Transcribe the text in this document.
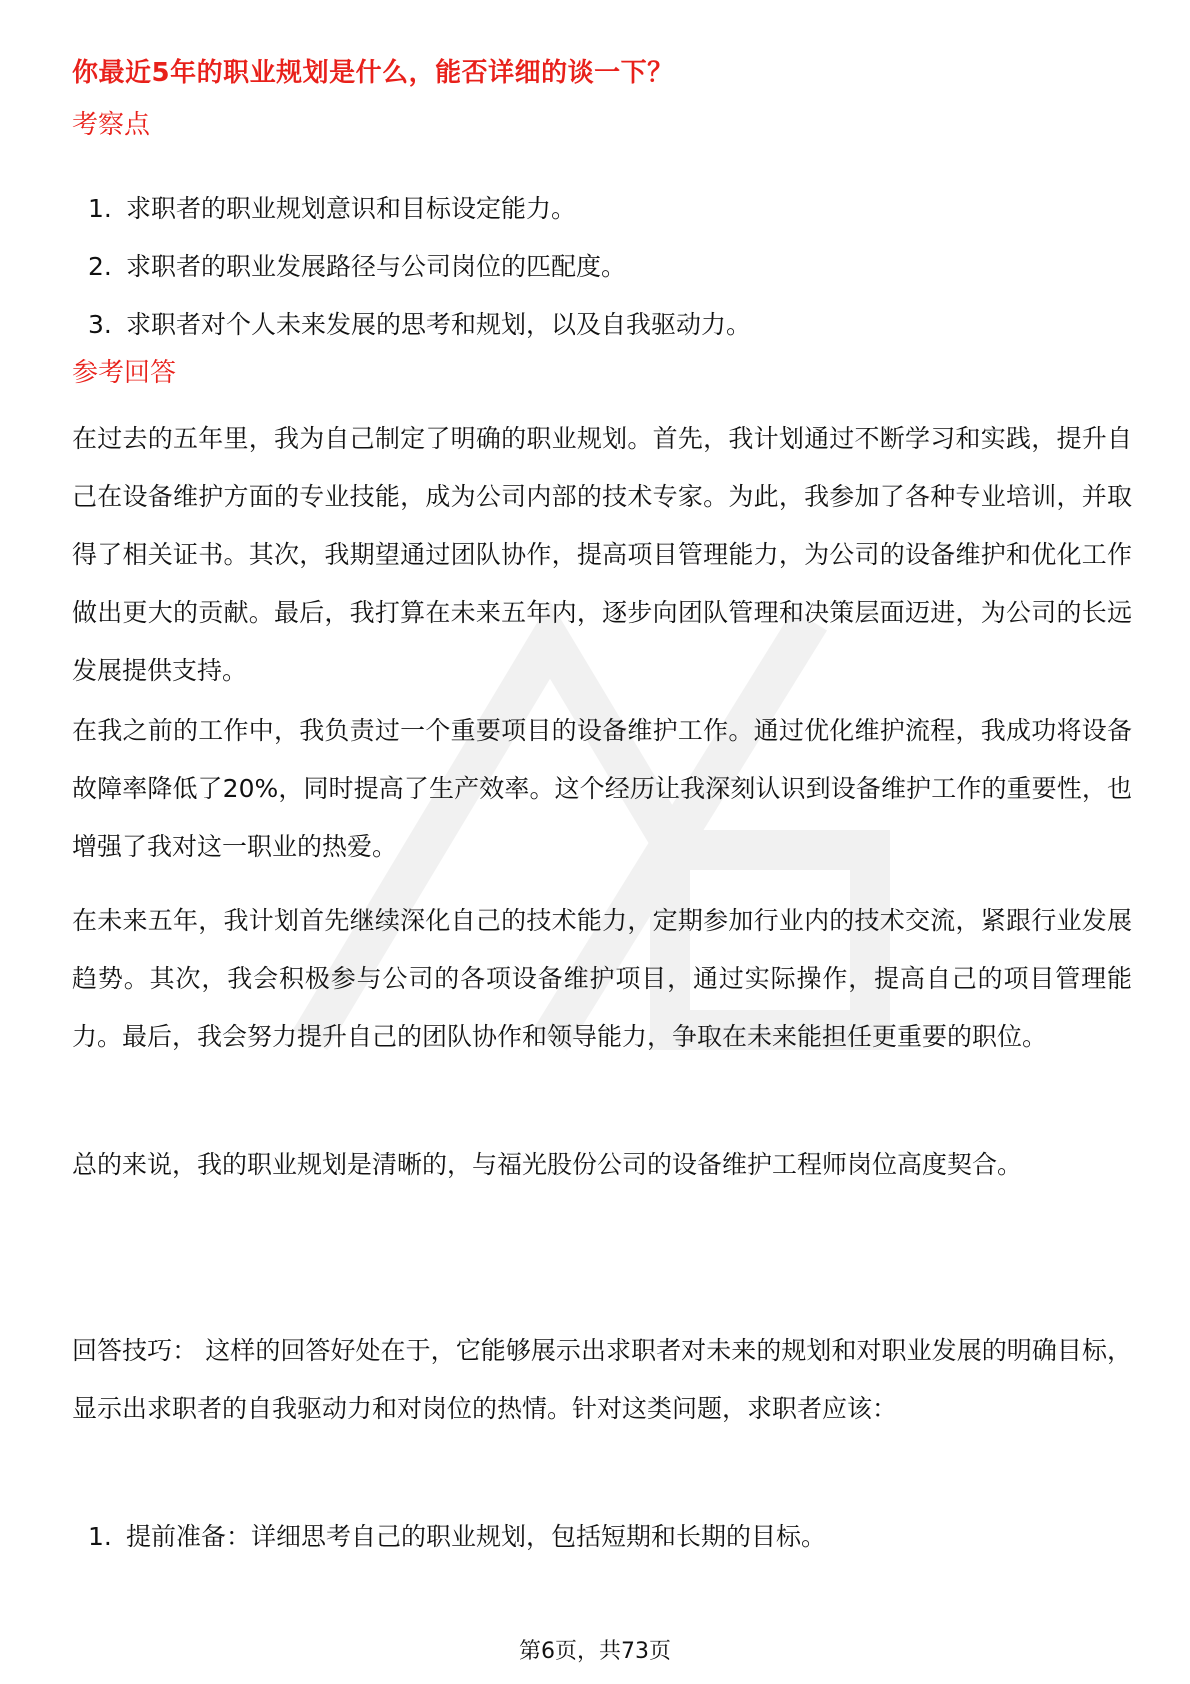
你最近5年的职业规划是什么，能否详细的谈一下？
考察点
1. 求职者的职业规划意识和目标设定能力。
2. 求职者的职业发展路径与公司岗位的匹配度。
3. 求职者对个人未来发展的思考和规划，以及自我驱动力。
参考回答

在过去的五年里，我为自己制定了明确的职业规划。首先，我计划通过不断学习和实践，提升自己在设备维护方面的专业技能，成为公司内部的技术专家。为此，我参加了各种专业培训，并取得了相关证书。其次，我期望通过团队协作，提高项目管理能力，为公司的设备维护和优化工作做出更大的贡献。最后，我打算在未来五年内，逐步向团队管理和决策层面迈进，为公司的长远发展提供支持。

在我之前的工作中，我负责过一个重要项目的设备维护工作。通过优化维护流程，我成功将设备故障率降低了20%，同时提高了生产效率。这个经历让我深刻认识到设备维护工作的重要性，也增强了我对这一职业的热爱。

在未来五年，我计划首先继续深化自己的技术能力，定期参加行业内的技术交流，紧跟行业发展趋势。其次，我会积极参与公司的各项设备维护项目，通过实际操作，提高自己的项目管理能力。最后，我会努力提升自己的团队协作和领导能力，争取在未来能担任更重要的职位。

总的来说，我的职业规划是清晰的，与福光股份公司的设备维护工程师岗位高度契合。

回答技巧： 这样的回答好处在于，它能够展示出求职者对未来的规划和对职业发展的明确目标，显示出求职者的自我驱动力和对岗位的热情。针对这类问题，求职者应该：

1. 提前准备：详细思考自己的职业规划，包括短期和长期的目标。
第6页，共73页
